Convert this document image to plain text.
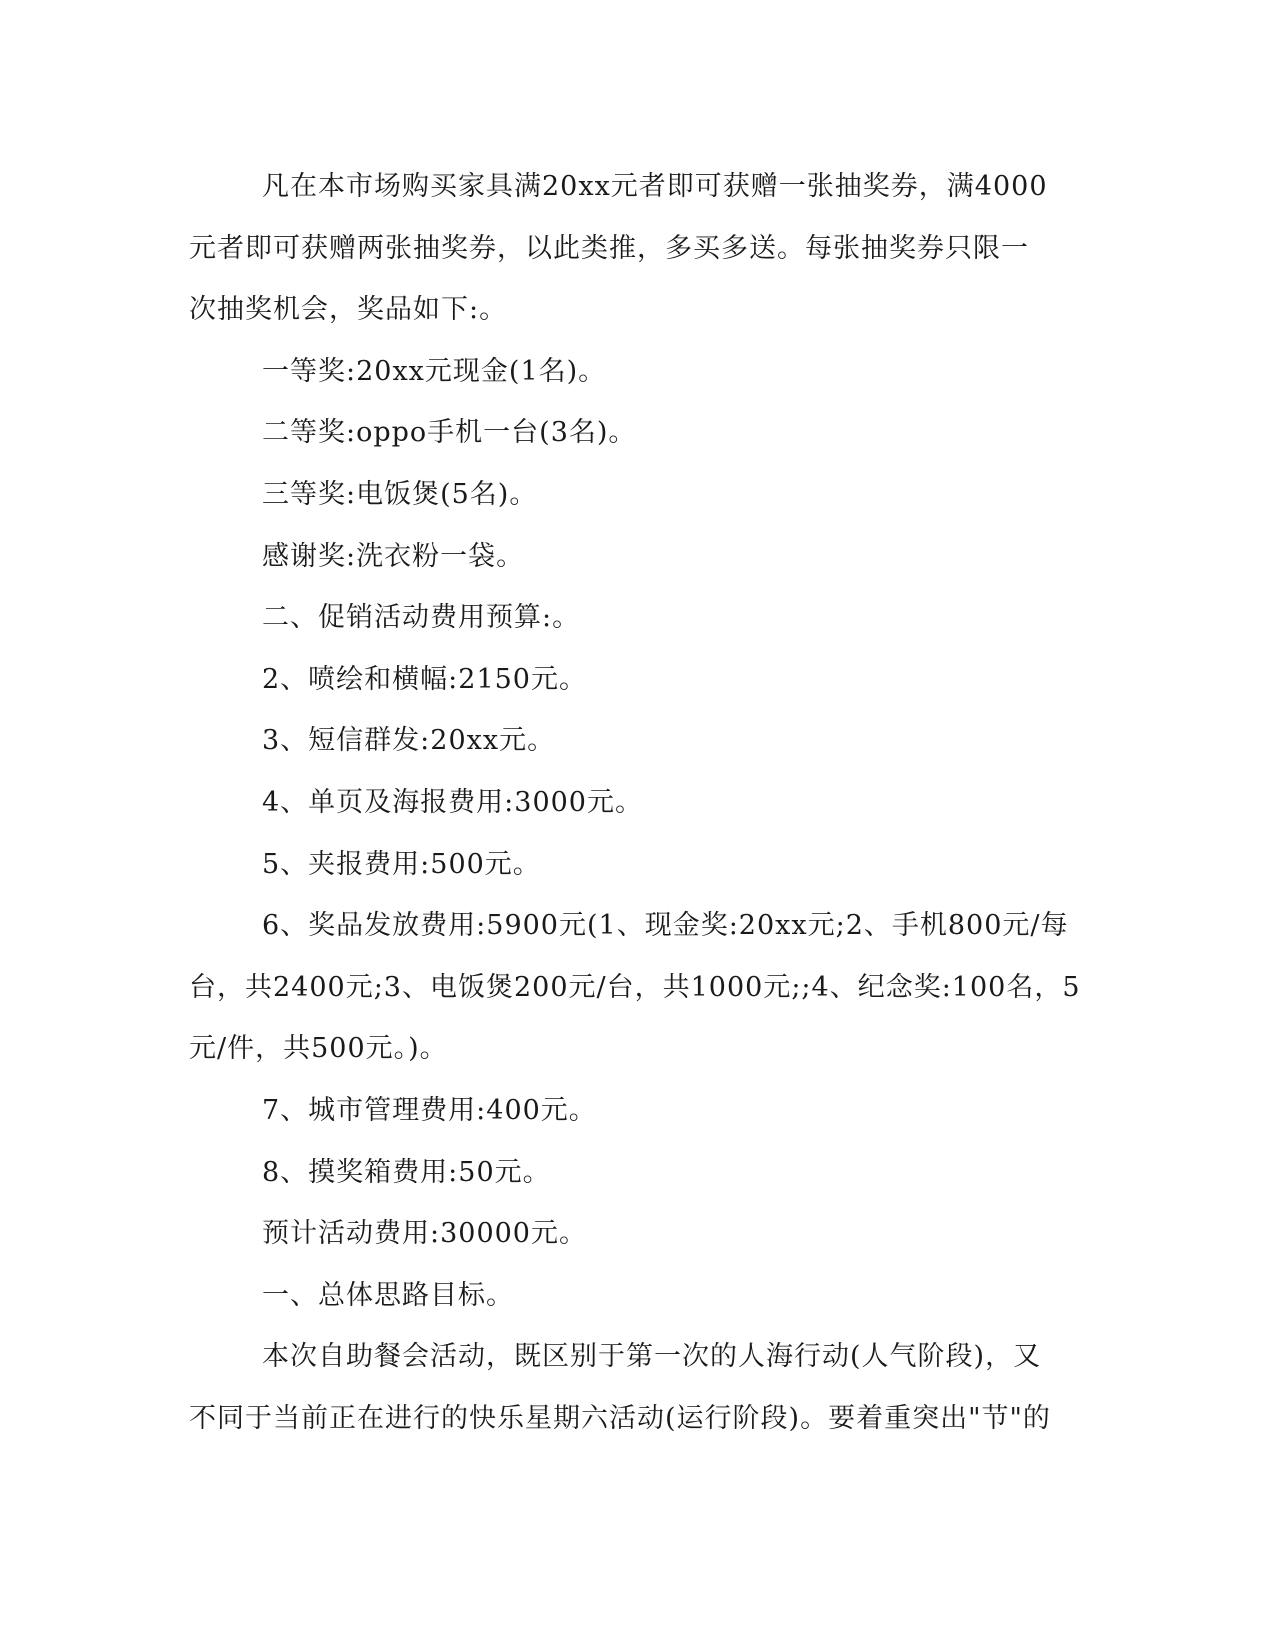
凡在本市场购买家具满20xx元者即可获赠一张抽奖券，满4000
元者即可获赠两张抽奖券，以此类推，多买多送。每张抽奖券只限一
次抽奖机会，奖品如下:。
一等奖:20xx元现金(1名)。
二等奖:oppo手机一台(3名)。
三等奖:电饭煲(5名)。
感谢奖:洗衣粉一袋。
二、促销活动费用预算:。
2、喷绘和横幅:2150元。
3、短信群发:20xx元。
4、单页及海报费用:3000元。
5、夹报费用:500元。
6、奖品发放费用:5900元(1、现金奖:20xx元;2、手机800元/每
台，共2400元;3、电饭煲200元/台，共1000元;;4、纪念奖:100名，5
元/件，共500元。)。
7、城市管理费用:400元。
8、摸奖箱费用:50元。
预计活动费用:30000元。
一、总体思路目标。
本次自助餐会活动，既区别于第一次的人海行动(人气阶段)，又
不同于当前正在进行的快乐星期六活动(运行阶段)。要着重突出"节"的
